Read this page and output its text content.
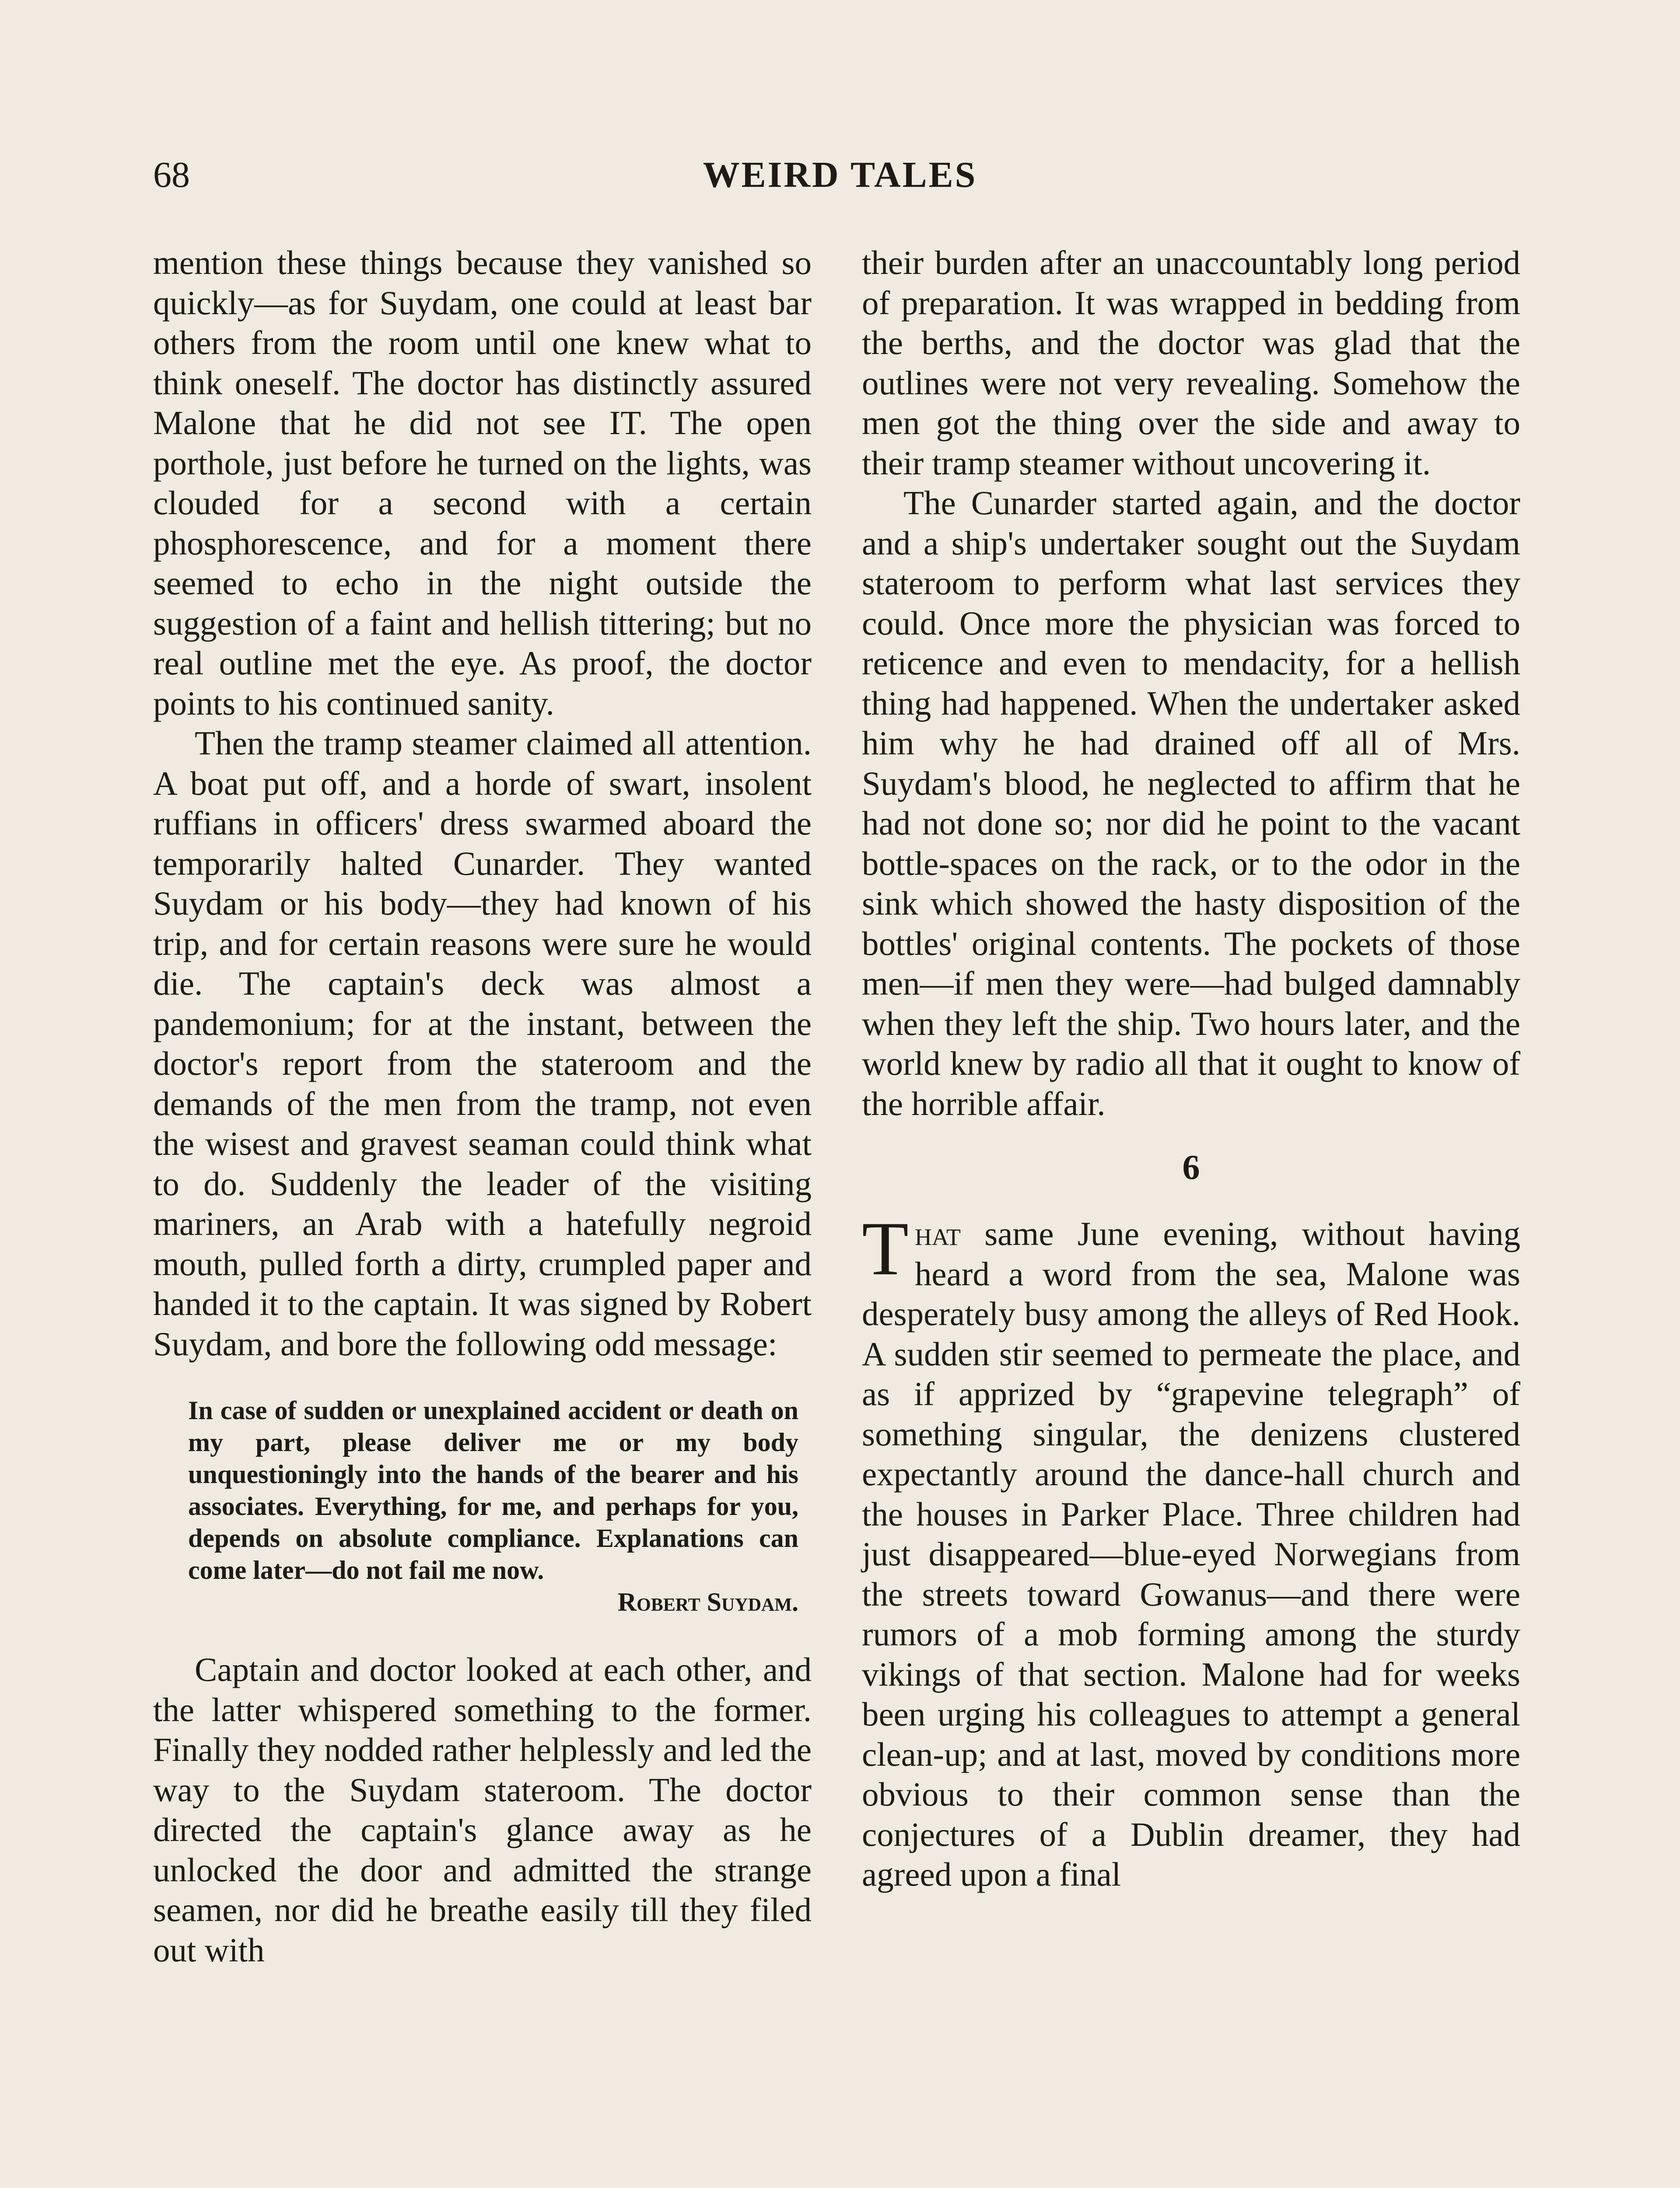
68	WEIRD TALES

mention these things because they vanished so quickly—as for Suydam, one could at least bar others from the room until one knew what to think oneself. The doctor has distinctly assured Malone that he did not see IT. The open porthole, just before he turned on the lights, was clouded for a second with a certain phosphorescence, and for a moment there seemed to echo in the night outside the suggestion of a faint and hellish tittering; but no real outline met the eye. As proof, the doctor points to his continued sanity.

Then the tramp steamer claimed all attention. A boat put off, and a horde of swart, insolent ruffians in officers' dress swarmed aboard the temporarily halted Cunarder. They wanted Suydam or his body—they had known of his trip, and for certain reasons were sure he would die. The captain's deck was almost a pandemonium; for at the instant, between the doctor's report from the stateroom and the demands of the men from the tramp, not even the wisest and gravest seaman could think what to do. Suddenly the leader of the visiting mariners, an Arab with a hatefully negroid mouth, pulled forth a dirty, crumpled paper and handed it to the captain. It was signed by Robert Suydam, and bore the following odd message:

In case of sudden or unexplained accident or death on my part, please deliver me or my body unquestioningly into the hands of the bearer and his associates. Everything, for me, and perhaps for you, depends on absolute compliance. Explanations can come later—do not fail me now.

Robert Suydam.

Captain and doctor looked at each other, and the latter whispered something to the former. Finally they nodded rather helplessly and led the way to the Suydam stateroom. The doctor directed the captain's glance away as he unlocked the door and admitted the strange seamen, nor did he breathe easily till they filed out with

their burden after an unaccountably long period of preparation. It was wrapped in bedding from the berths, and the doctor was glad that the outlines were not very revealing. Somehow the men got the thing over the side and away to their tramp steamer without uncovering it.

The Cunarder started again, and the doctor and a ship's undertaker sought out the Suydam stateroom to perform what last services they could. Once more the physician was forced to reticence and even to mendacity, for a hellish thing had happened. When the undertaker asked him why he had drained off all of Mrs. Suydam's blood, he neglected to affirm that he had not done so; nor did he point to the vacant bottle-spaces on the rack, or to the odor in the sink which showed the hasty disposition of the bottles' original contents. The pockets of those men—if men they were—had bulged damnably when they left the ship. Two hours later, and the world knew by radio all that it ought to know of the horrible affair.

6

That same June evening, without having heard a word from the sea, Malone was desperately busy among the alleys of Red Hook. A sudden stir seemed to permeate the place, and as if apprized by “grapevine telegraph” of something singular, the denizens clustered expectantly around the dance-hall church and the houses in Parker Place. Three children had just disappeared—blue-eyed Norwegians from the streets toward Gowanus—and there were rumors of a mob forming among the sturdy vikings of that section. Malone had for weeks been urging his colleagues to attempt a general clean-up; and at last, moved by conditions more obvious to their common sense than the conjectures of a Dublin dreamer, they had agreed upon a final
